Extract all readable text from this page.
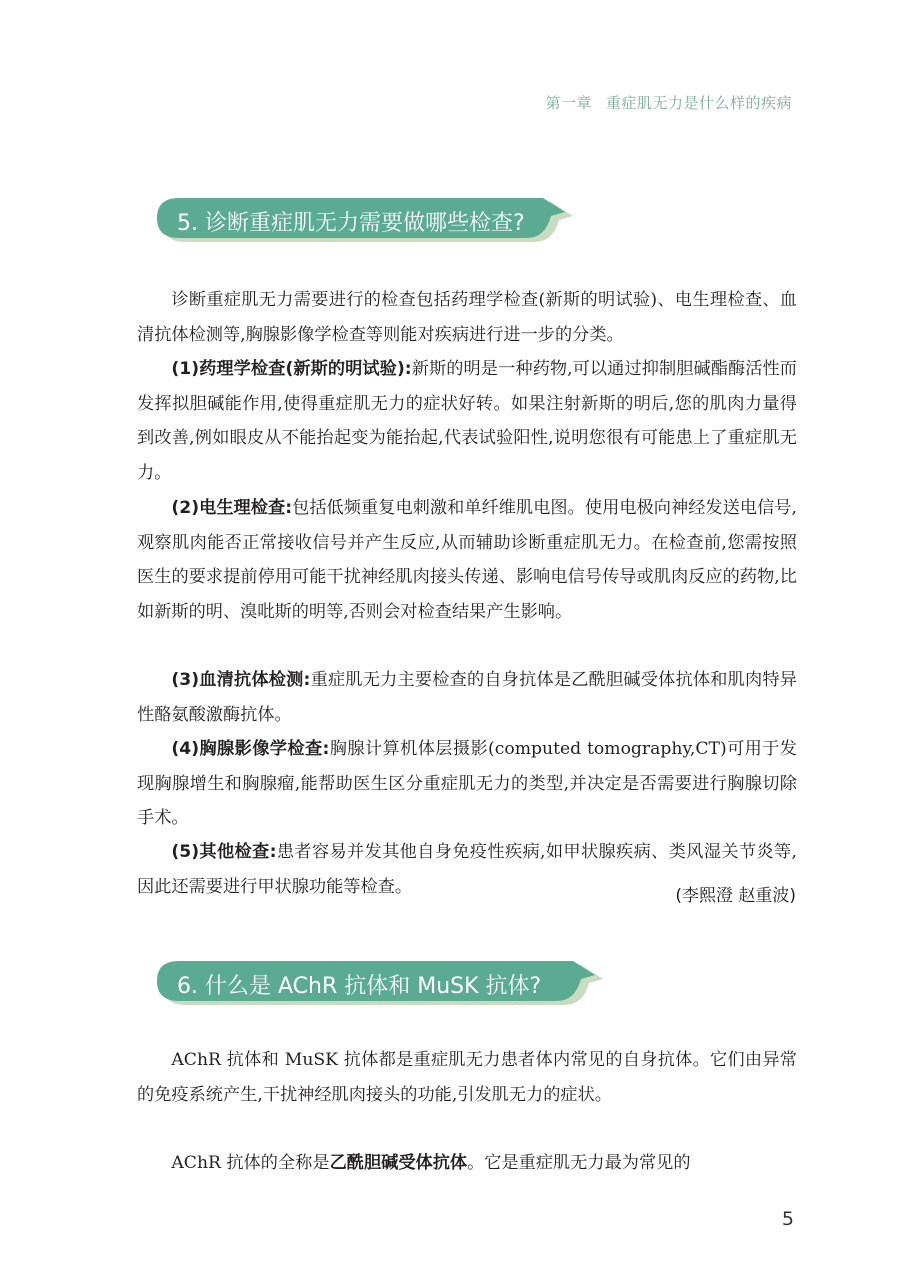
第一章 重症肌无力是什么样的疾病
5. 诊断重症肌无力需要做哪些检查?

诊断重症肌无力需要进行的检查包括药理学检查(新斯的明试验)、电生理检查、血清抗体检测等,胸腺影像学检查等则能对疾病进行进一步的分类。

(1)药理学检查(新斯的明试验):新斯的明是一种药物,可以通过抑制胆碱酯酶活性而发挥拟胆碱能作用,使得重症肌无力的症状好转。如果注射新斯的明后,您的肌肉力量得到改善,例如眼皮从不能抬起变为能抬起,代表试验阳性,说明您很有可能患上了重症肌无力。

(2)电生理检查:包括低频重复电刺激和单纤维肌电图。使用电极向神经发送电信号,观察肌肉能否正常接收信号并产生反应,从而辅助诊断重症肌无力。在检查前,您需按照医生的要求提前停用可能干扰神经肌肉接头传递、影响电信号传导或肌肉反应的药物,比如新斯的明、溴吡斯的明等,否则会对检查结果产生影响。

(3)血清抗体检测:重症肌无力主要检查的自身抗体是乙酰胆碱受体抗体和肌肉特异性酪氨酸激酶抗体。

(4)胸腺影像学检查:胸腺计算机体层摄影(computed tomography,CT)可用于发现胸腺增生和胸腺瘤,能帮助医生区分重症肌无力的类型,并决定是否需要进行胸腺切除手术。

(5)其他检查:患者容易并发其他自身免疫性疾病,如甲状腺疾病、类风湿关节炎等,因此还需要进行甲状腺功能等检查。	(李熙澄 赵重波)
6. 什么是 AChR 抗体和 MuSK 抗体?

AChR 抗体和 MuSK 抗体都是重症肌无力患者体内常见的自身抗体。它们由异常的免疫系统产生,干扰神经肌肉接头的功能,引发肌无力的症状。

AChR 抗体的全称是乙酰胆碱受体抗体。它是重症肌无力最为常见的

5
